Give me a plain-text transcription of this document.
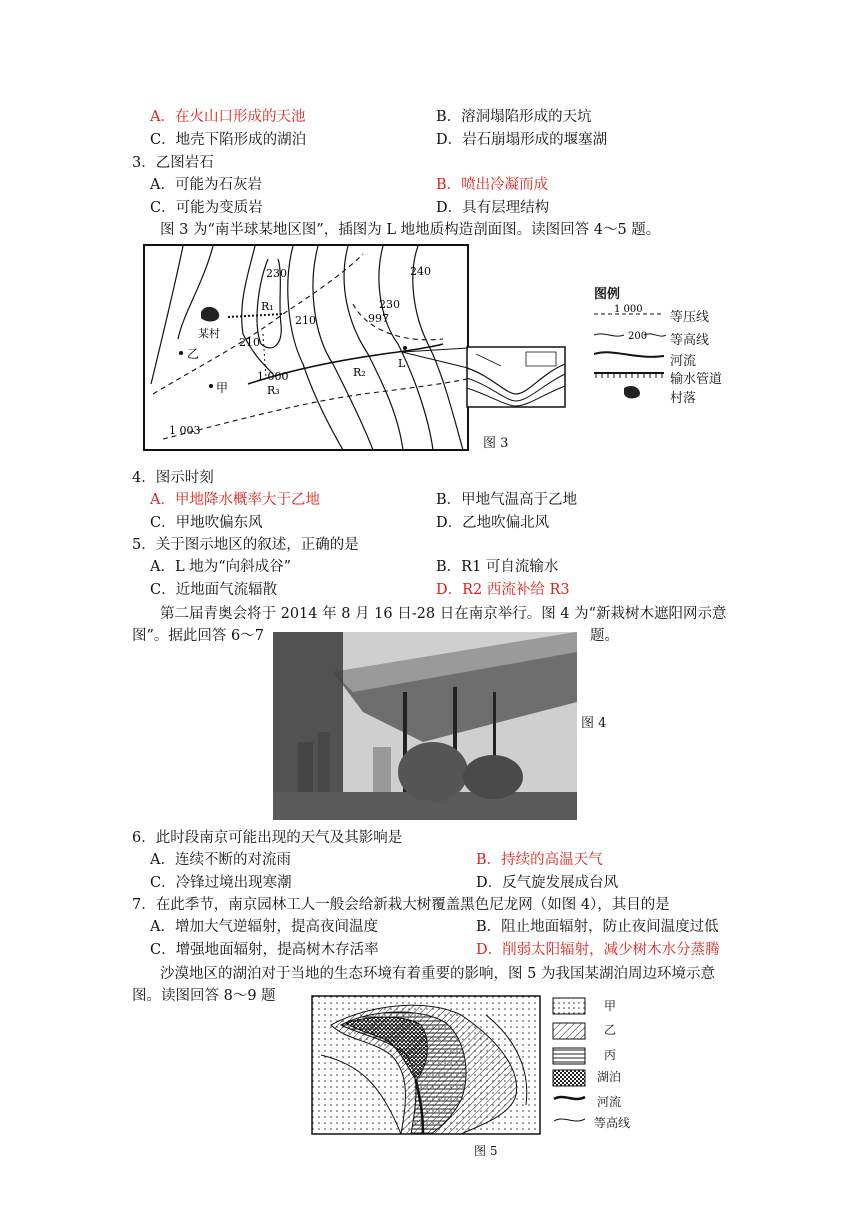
A．在火山口形成的天池	B．溶洞塌陷形成的天坑
C．地壳下陷形成的湖泊	D．岩石崩塌形成的堰塞湖
3．乙图岩石
A．可能为石灰岩	B．喷出冷凝而成
C．可能为变质岩	D．具有层理结构
图 3 为“南半球某地区图”，插图为 L 地地质构造剖面图。读图回答 4～5 题。
230	240
230
210
210
997
1 000
1 003
R₁
R₂
R₃
L
某村
乙
甲
图例
1 000
200
等压线
等高线
河流
输水管道
村落
图 3
4．图示时刻
A．甲地降水概率大于乙地	B．甲地气温高于乙地
C．甲地吹偏东风	D．乙地吹偏北风
5．关于图示地区的叙述，正确的是
A．L 地为“向斜成谷”	B．R1 可自流输水
C．近地面气流辐散	D．R2 西流补给 R3
第二届青奥会将于 2014 年 8 月 16 日-28 日在南京举行。图 4 为“新栽树木遮阳网示意
图”。据此回答 6～7	题。
图 4
6．此时段南京可能出现的天气及其影响是
A．连续不断的对流雨	B．持续的高温天气
C．冷锋过境出现寒潮	D．反气旋发展成台风
7．在此季节，南京园林工人一般会给新栽大树覆盖黑色尼龙网（如图 4），其目的是
A．增加大气逆辐射，提高夜间温度	B．阻止地面辐射，防止夜间温度过低
C．增强地面辐射，提高树木存活率	D．削弱太阳辐射，减少树木水分蒸腾
沙漠地区的湖泊对于当地的生态环境有着重要的影响，图 5 为我国某湖泊周边环境示意
图。读图回答 8～9 题
甲
乙
丙
湖泊
河流
等高线
图 5
